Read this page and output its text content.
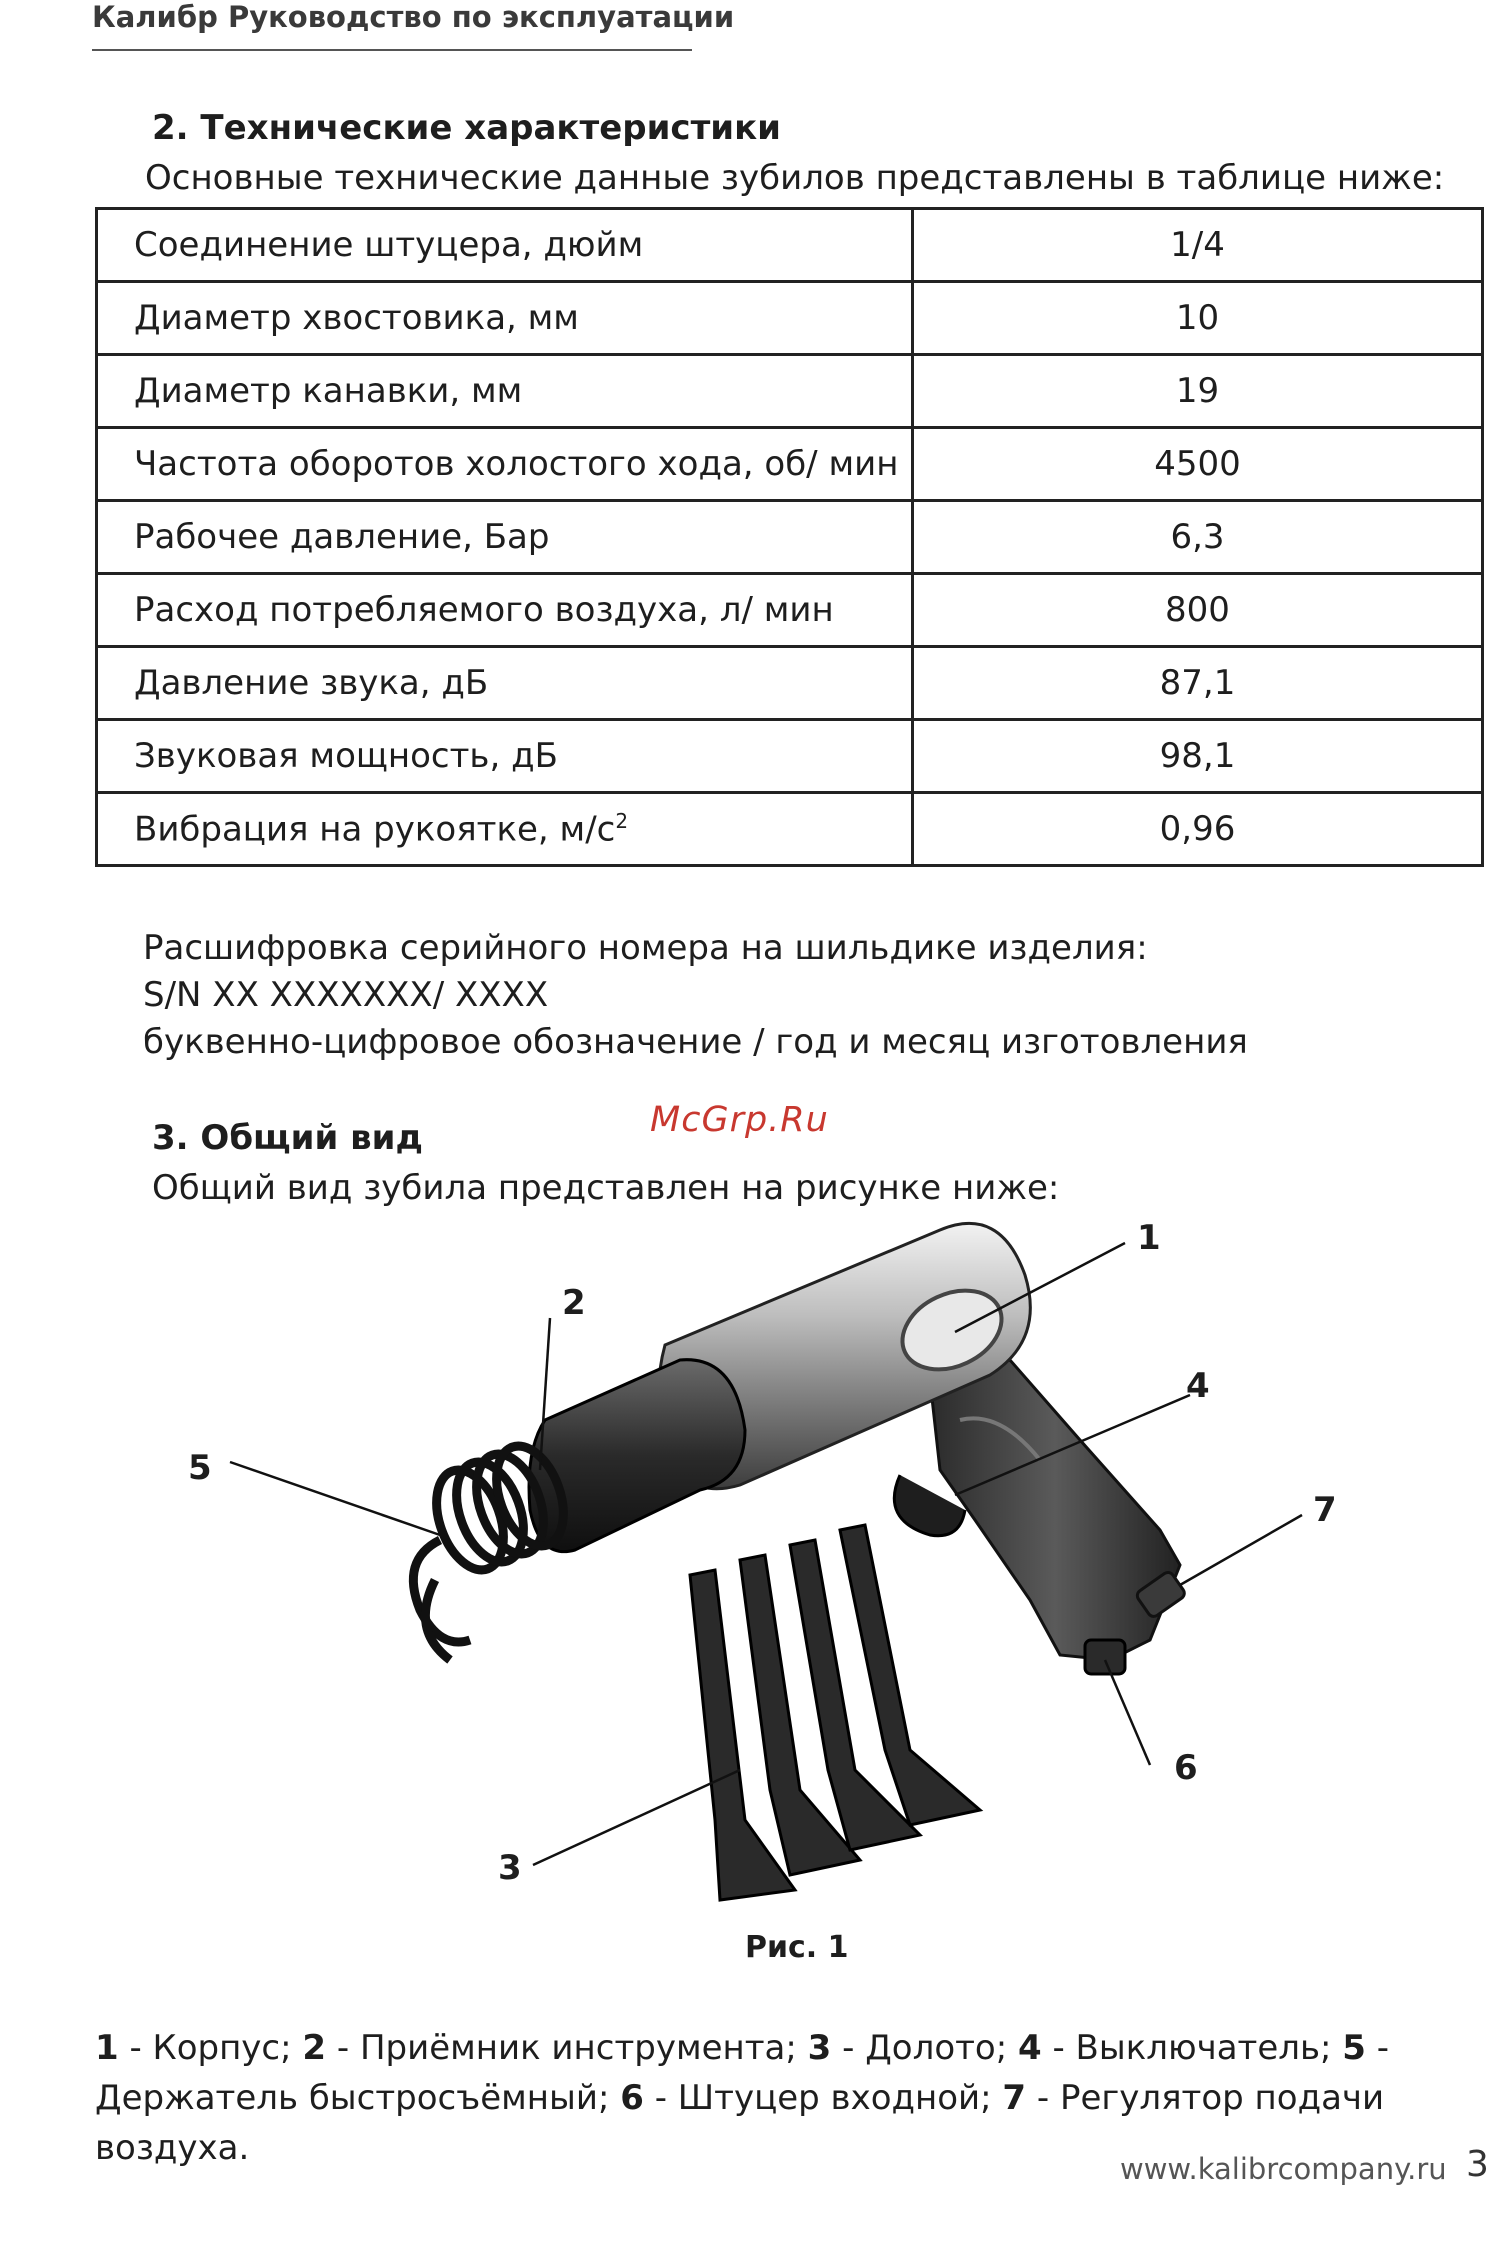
Калибр Руководство по эксплуатации
2. Технические характеристики
Основные технические данные зубилов представлены в таблице ниже:
Соединение штуцера, дюйм	1/4
Диаметр хвостовика, мм	10
Диаметр канавки, мм	19
Частота оборотов холостого хода, об/ мин	4500
Рабочее давление, Бар	6,3
Расход потребляемого воздуха, л/ мин	800
Давление звука, дБ	87,1
Звуковая мощность, дБ	98,1
Вибрация на рукоятке, $м/с^2$	0,96
Расшифровка серийного номера на шильдике изделия:
S/N XX XXXXXXX/ XXXX
буквенно-цифровое обозначение / год и месяц изготовления
3. Общий вид	McGrp.Ru
Общий вид зубила представлен на рисунке ниже:
1
2
3
4
5
6
7
Рис. 1
1 - Корпус; 2 - Приёмник инструмента; 3 - Долото; 4 - Выключатель; 5 - Держатель быстросъёмный; 6 - Штуцер входной; 7 - Регулятор подачи воздуха.
www.kalibrcompany.ru 3
